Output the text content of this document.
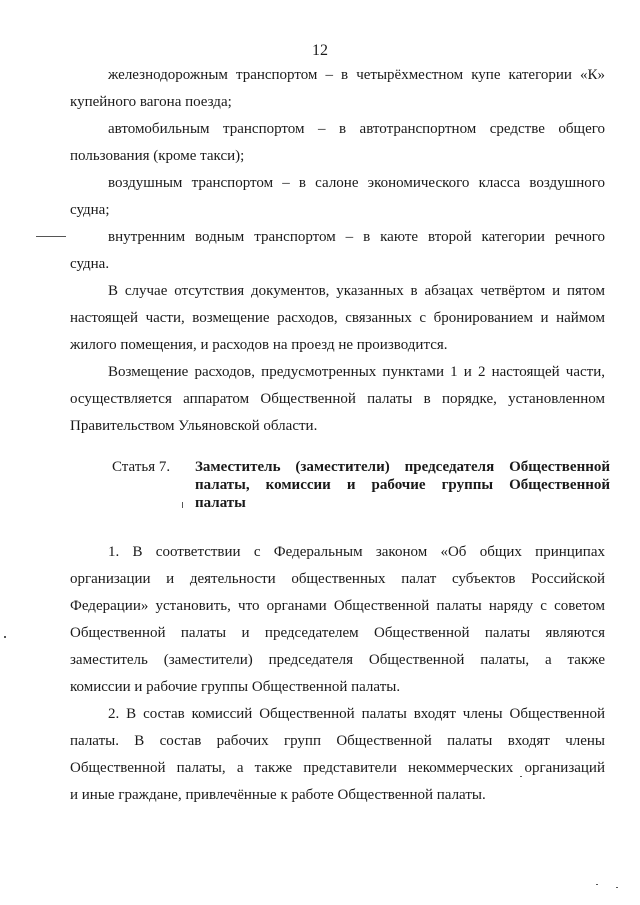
12
железнодорожным транспортом – в четырёхместном купе категории «К»
купейного вагона поезда;
автомобильным транспортом – в автотранспортном средстве общего
пользования (кроме такси);
воздушным транспортом – в салоне экономического класса воздушного
судна;
внутренним водным транспортом – в каюте второй категории речного
судна.
В случае отсутствия документов, указанных в абзацах четвёртом и пятом
настоящей части, возмещение расходов, связанных с бронированием и наймом
жилого помещения, и расходов на проезд не производится.
Возмещение расходов, предусмотренных пунктами 1 и 2 настоящей части,
осуществляется аппаратом Общественной палаты в порядке, установленном
Правительством Ульяновской области.
Статья 7. Заместитель (заместители) председателя Общественной
палаты, комиссии и рабочие группы Общественной
палаты
1. В соответствии с Федеральным законом «Об общих принципах
организации и деятельности общественных палат субъектов Российской
Федерации» установить, что органами Общественной палаты наряду с советом
Общественной палаты и председателем Общественной палаты являются
заместитель (заместители) председателя Общественной палаты, а также
комиссии и рабочие группы Общественной палаты.
2. В состав комиссий Общественной палаты входят члены Общественной
палаты. В состав рабочих групп Общественной палаты входят члены
Общественной палаты, а также представители некоммерческих организаций
и иные граждане, привлечённые к работе Общественной палаты.
